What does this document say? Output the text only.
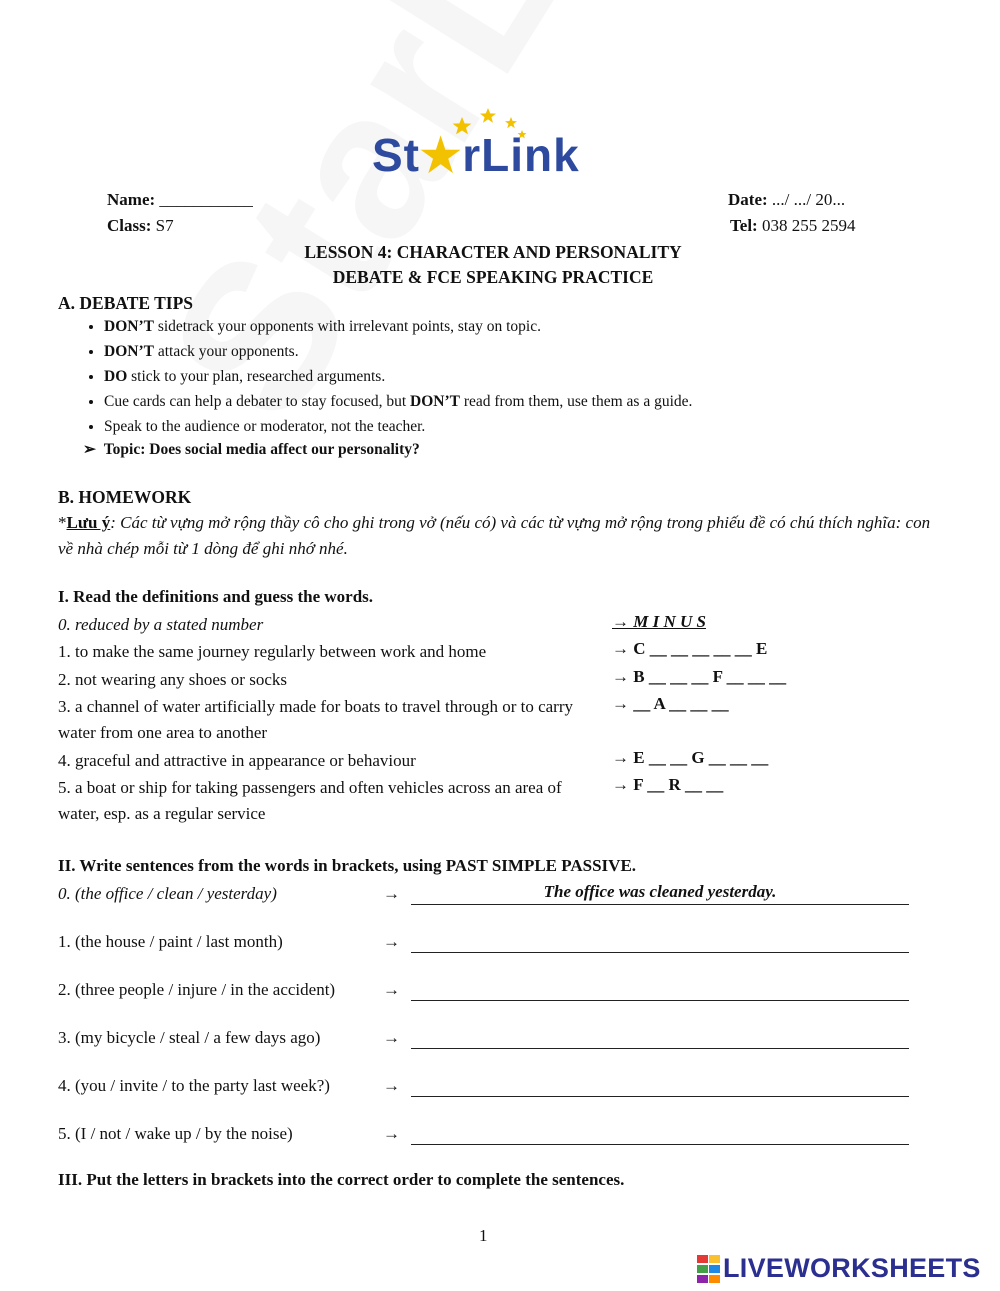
St★rLink
Name: ___________	Date: .../ .../ 20...
Class: S7	Tel: 038 255 2594
LESSON 4: CHARACTER AND PERSONALITY
DEBATE & FCE SPEAKING PRACTICE
A. DEBATE TIPS
• DON’T sidetrack your opponents with irrelevant points, stay on topic.
• DON’T attack your opponents.
• DO stick to your plan, researched arguments.
• Cue cards can help a debater to stay focused, but DON’T read from them, use them as a guide.
• Speak to the audience or moderator, not the teacher.
➢ Topic: Does social media affect our personality?
B. HOMEWORK
*Lưu ý: Các từ vựng mở rộng thầy cô cho ghi trong vở (nếu có) và các từ vựng mở rộng trong phiếu đề có chú thích nghĩa: con về nhà chép mỗi từ 1 dòng để ghi nhớ nhé.
I. Read the definitions and guess the words.
0. reduced by a stated number	→ M I N U S
1. to make the same journey regularly between work and home	→ C __ __ __ __ __ E
2. not wearing any shoes or socks	→ B __ __ __ F __ __ __
3. a channel of water artificially made for boats to travel through or to carry water from one area to another
→ __ A __ __ __
4. graceful and attractive in appearance or behaviour	→ E __ __ G __ __ __
5. a boat or ship for taking passengers and often vehicles across an area of water, esp. as a regular service
→ F __ R __ __
II. Write sentences from the words in brackets, using PAST SIMPLE PASSIVE.
0. (the office / clean / yesterday)	→	The office was cleaned yesterday.
1. (the house / paint / last month)	→
2. (three people / injure / in the accident)	→
3. (my bicycle / steal / a few days ago)	→
4. (you / invite / to the party last week?)	→
5. (I / not / wake up / by the noise)	→
III. Put the letters in brackets into the correct order to complete the sentences.
1
LIVEWORKSHEETS
